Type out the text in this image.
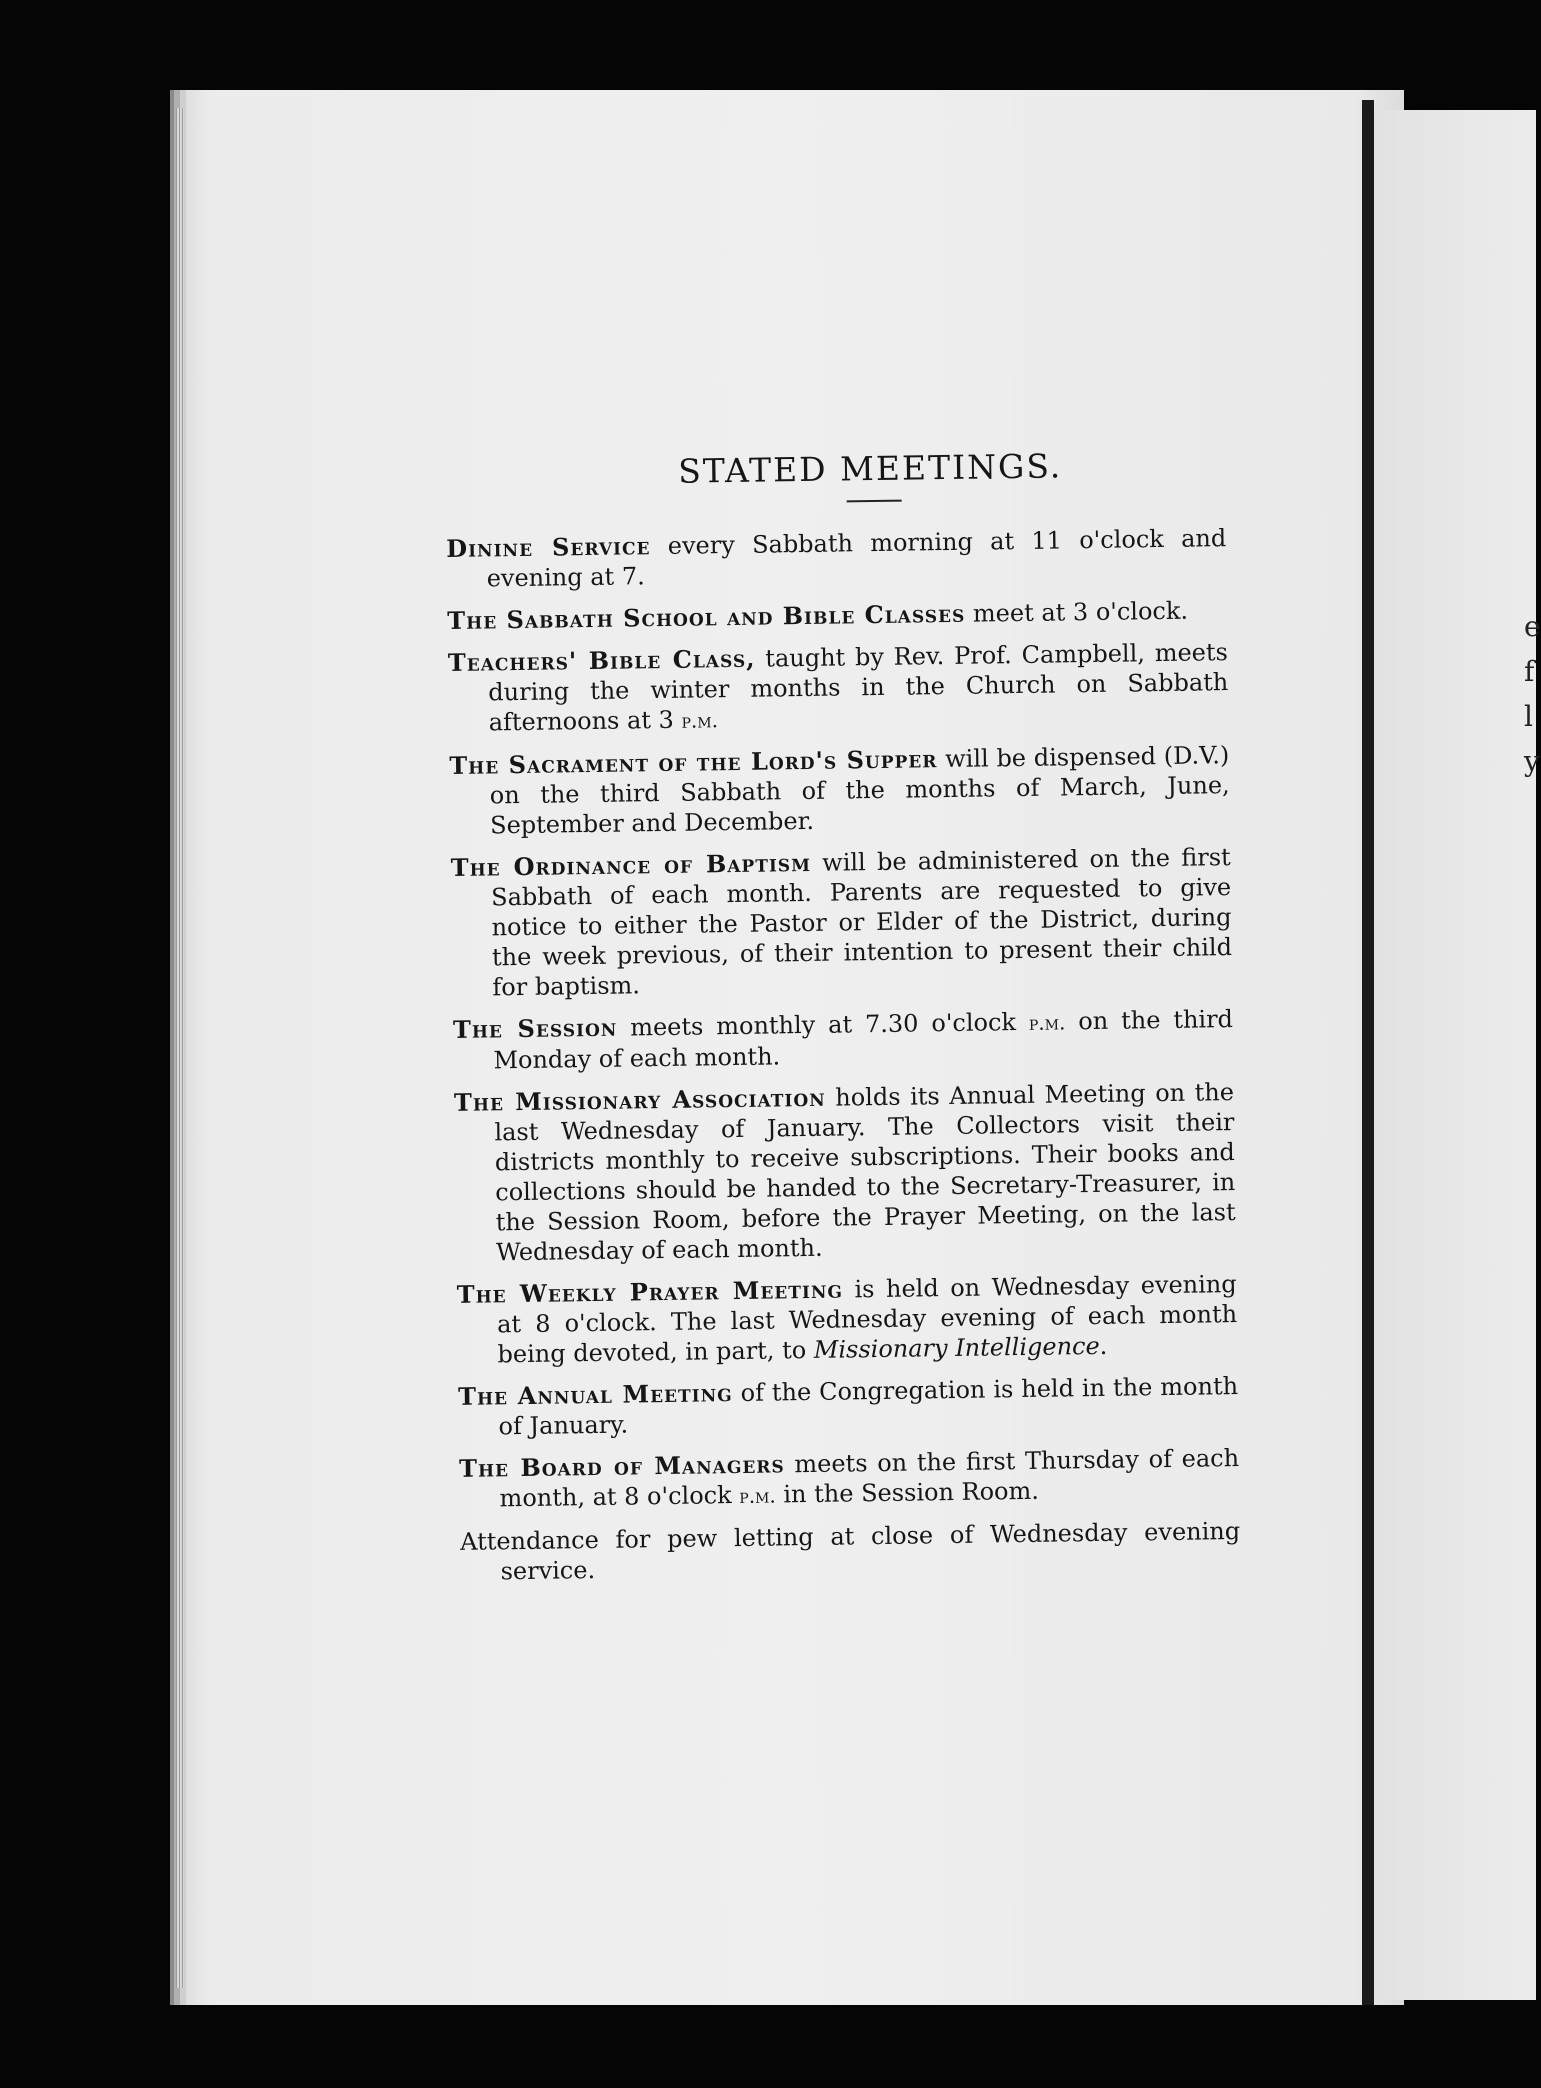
e
f
l
y
STATED MEETINGS.

Dinine Service every Sabbath morning at 11 o'clock and evening at 7.

The Sabbath School and Bible Classes meet at 3 o'clock.

Teachers' Bible Class, taught by Rev. Prof. Campbell, meets during the winter months in the Church on Sabbath afternoons at 3 p.m.

The Sacrament of the Lord's Supper will be dispensed (D.V.) on the third Sabbath of the months of March, June, September and December.

The Ordinance of Baptism will be administered on the first Sabbath of each month. Parents are requested to give notice to either the Pastor or Elder of the District, during the week previous, of their intention to present their child for baptism.

The Session meets monthly at 7.30 o'clock p.m. on the third Monday of each month.

The Missionary Association holds its Annual Meeting on the last Wednesday of January. The Collectors visit their districts monthly to receive subscriptions. Their books and collections should be handed to the Secretary-Treasurer, in the Session Room, before the Prayer Meeting, on the last Wednesday of each month.

The Weekly Prayer Meeting is held on Wednesday evening at 8 o'clock. The last Wednesday evening of each month being devoted, in part, to Missionary Intelligence.

The Annual Meeting of the Congregation is held in the month of January.

The Board of Managers meets on the first Thursday of each month, at 8 o'clock p.m. in the Session Room.

Attendance for pew letting at close of Wednesday evening service.
